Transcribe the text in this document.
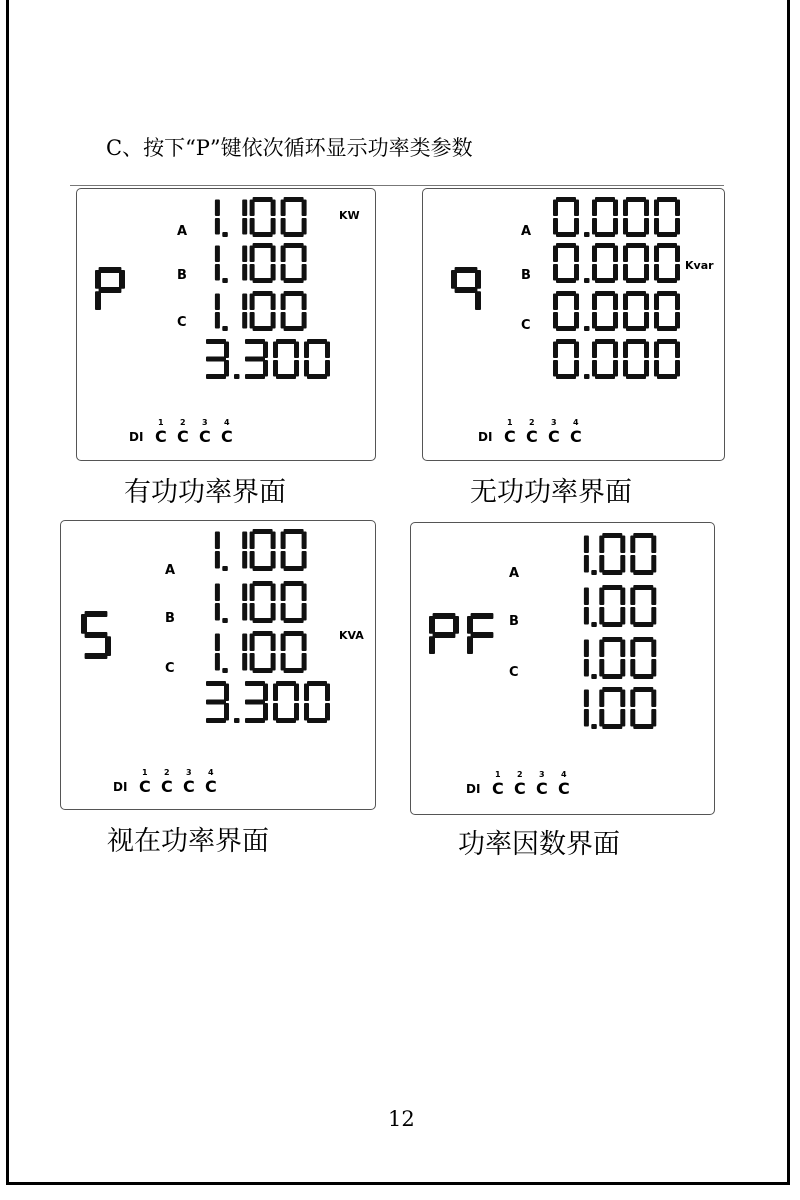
C、按下“P”键依次循环显示功率类参数
A
B
C
KW
DI
1
C
2
C
3
C
4
C
有功功率界面
A
B
C
Kvar
DI
1
C
2
C
3
C
4
C
无功功率界面
A
B
C
KVA
DI
1
C
2
C
3
C
4
C
视在功率界面
A
B
C
DI
1
C
2
C
3
C
4
C
功率因数界面
12
